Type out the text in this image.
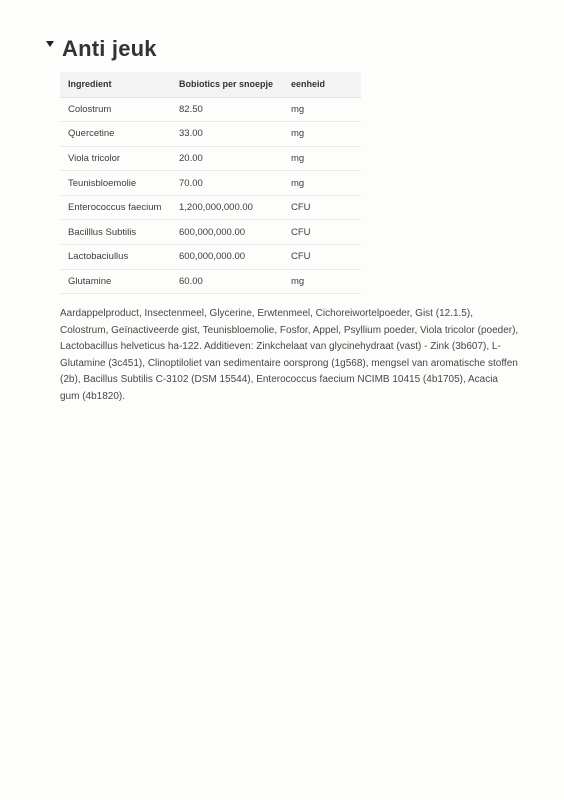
Anti jeuk
Ingredient	Bobiotics per snoepje	eenheid
Colostrum	82.50	mg
Quercetine	33.00	mg
Viola tricolor	20.00	mg
Teunisbloemolie	70.00	mg
Enterococcus faecium	1,200,000,000.00	CFU
Bacilllus Subtilis	600,000,000.00	CFU
Lactobaciullus	600,000,000.00	CFU
Glutamine	60.00	mg

Aardappelproduct, Insectenmeel, Glycerine, Erwtenmeel, Cichoreiwortelpoeder, Gist (12.1.5), Colostrum, Geïnactiveerde gist, Teunisbloemolie, Fosfor, Appel, Psyllium poeder, Viola tricolor (poeder), Lactobacillus helveticus ha-122. Additieven: Zinkchelaat van glycinehydraat (vast) - Zink (3b607), L-Glutamine (3c451), Clinoptiloliet van sedimentaire oorsprong (1g568), mengsel van aromatische stoffen (2b), Bacillus Subtilis C-3102 (DSM 15544), Enterococcus faecium NCIMB 10415 (4b1705), Acacia gum (4b1820).
